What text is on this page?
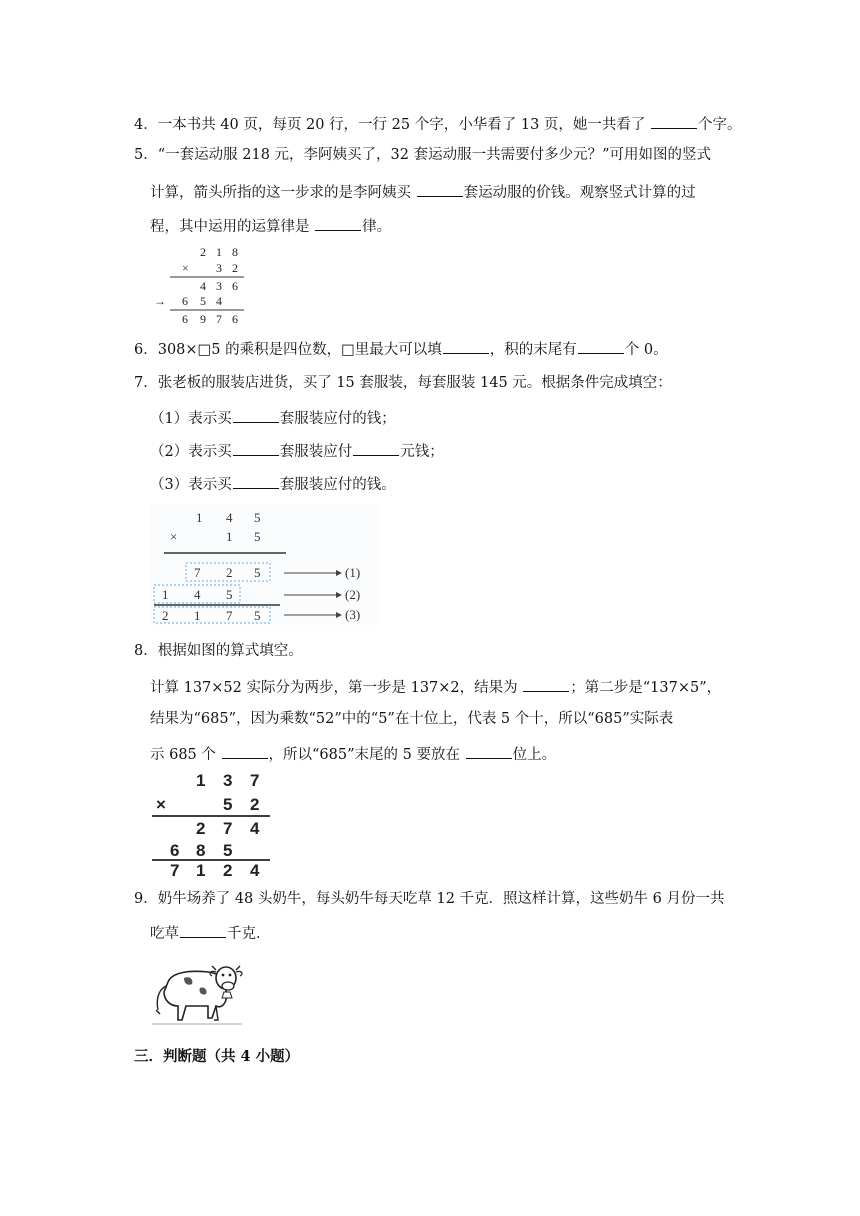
4．一本书共 40 页，每页 20 行，一行 25 个字，小华看了 13 页，她一共看了	个字。
5．“一套运动服 218 元，李阿姨买了，32 套运动服一共需要付多少元？”可用如图的竖式
计算，箭头所指的这一步求的是李阿姨买	套运动服的价钱。观察竖式计算的过
程，其中运用的运算律是	律。
2 1 8
× 3 2
4 3 6
→ 6 5 4
6 9 7 6
6．308×□5 的乘积是四位数，□里最大可以填	，积的末尾有	个 0。
7．张老板的服装店进货，买了 15 套服装，每套服装 145 元。根据条件完成填空：
（1）表示买	套服装应付的钱；
（2）表示买	套服装应付	元钱；
（3）表示买	套服装应付的钱。
1 4 5
×	1 5
7 2 5
1 4 5
2 1 7 5
(1)
(2)
(3)
8．根据如图的算式填空。
计算 137×52 实际分为两步，第一步是 137×2，结果为	；第二步是“137×5”，
结果为“685”，因为乘数“52”中的“5”在十位上，代表 5 个十，所以“685”实际表
示 685 个	，所以“685”末尾的 5 要放在	位上。
1 3 7
×	5 2
2 7 4
6 8 5
7 1 2 4
9．奶牛场养了 48 头奶牛，每头奶牛每天吃草 12 千克．照这样计算，这些奶牛 6 月份一共
吃草	千克．
三．判断题（共 4 小题）
